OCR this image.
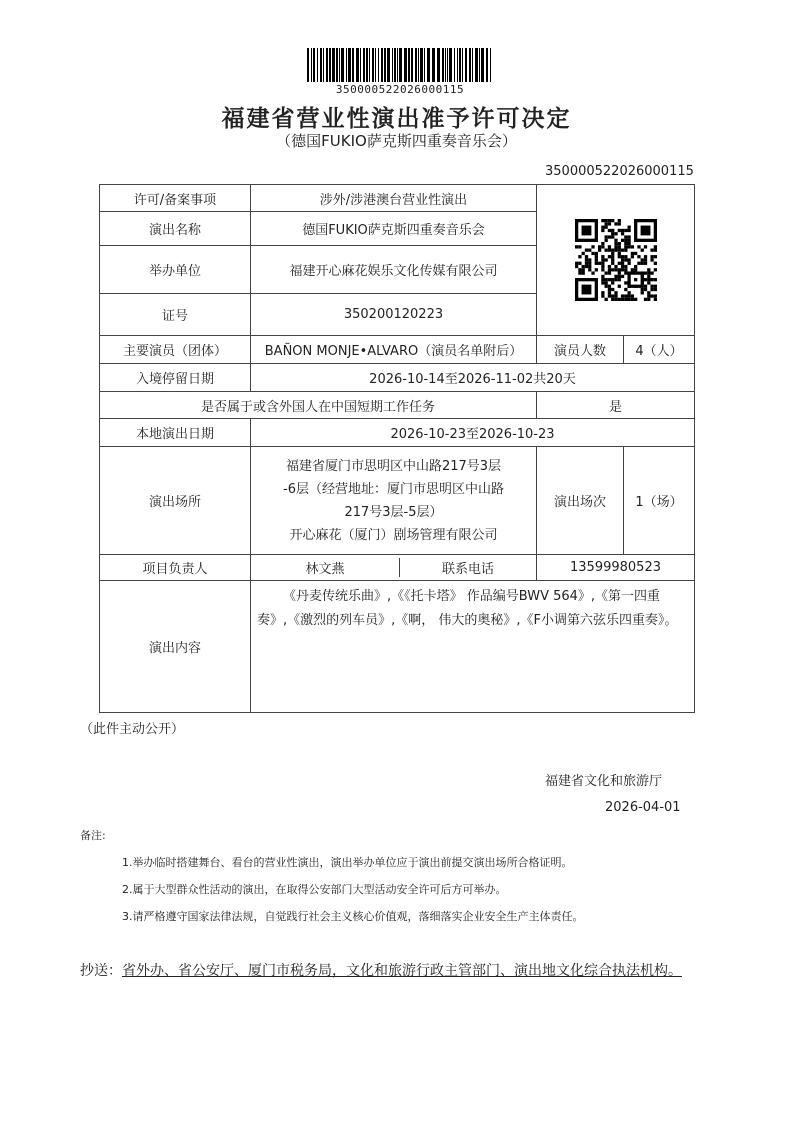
350000522026000115
福建省营业性演出准予许可决定
（德国FUKIO萨克斯四重奏音乐会）
350000522026000115
许可/备案事项	涉外/涉港澳台营业性演出	

演出名称	德国FUKIO萨克斯四重奏音乐会		
举办单位	福建开心麻花娱乐文化传媒有限公司		
证号	350200120223		
主要演员（团体）	BAÑON MONJE•ALVARO（演员名单附后）	演员人数	4（人）
入境停留日期	2026-10-14至2026-11-02共20天		
是否属于或含外国人在中国短期工作任务		是	
本地演出日期	2026-10-23至2026-10-23		
演出场所	福建省厦门市思明区中山路217号3层
-6层（经营地址：厦门市思明区中山路
217号3层-5层）
开心麻花（厦门）剧场管理有限公司	演出场次	1（场）
项目负责人	林文燕 联系电话	13599980523	
演出内容	《丹麦传统乐曲》,《《托卡塔》 作品编号BWV 564》,《第一四重奏》,《激烈的列车员》,《啊， 伟大的奥秘》,《F小调第六弦乐四重奏》。		
（此件主动公开）
福建省文化和旅游厅
2026-04-01
备注:
1.举办临时搭建舞台、看台的营业性演出，演出举办单位应于演出前提交演出场所合格证明。
2.属于大型群众性活动的演出，在取得公安部门大型活动安全许可后方可举办。
3.请严格遵守国家法律法规，自觉践行社会主义核心价值观，落细落实企业安全生产主体责任。
抄送：省外办、省公安厅、厦门市税务局，文化和旅游行政主管部门、演出地文化综合执法机构。
